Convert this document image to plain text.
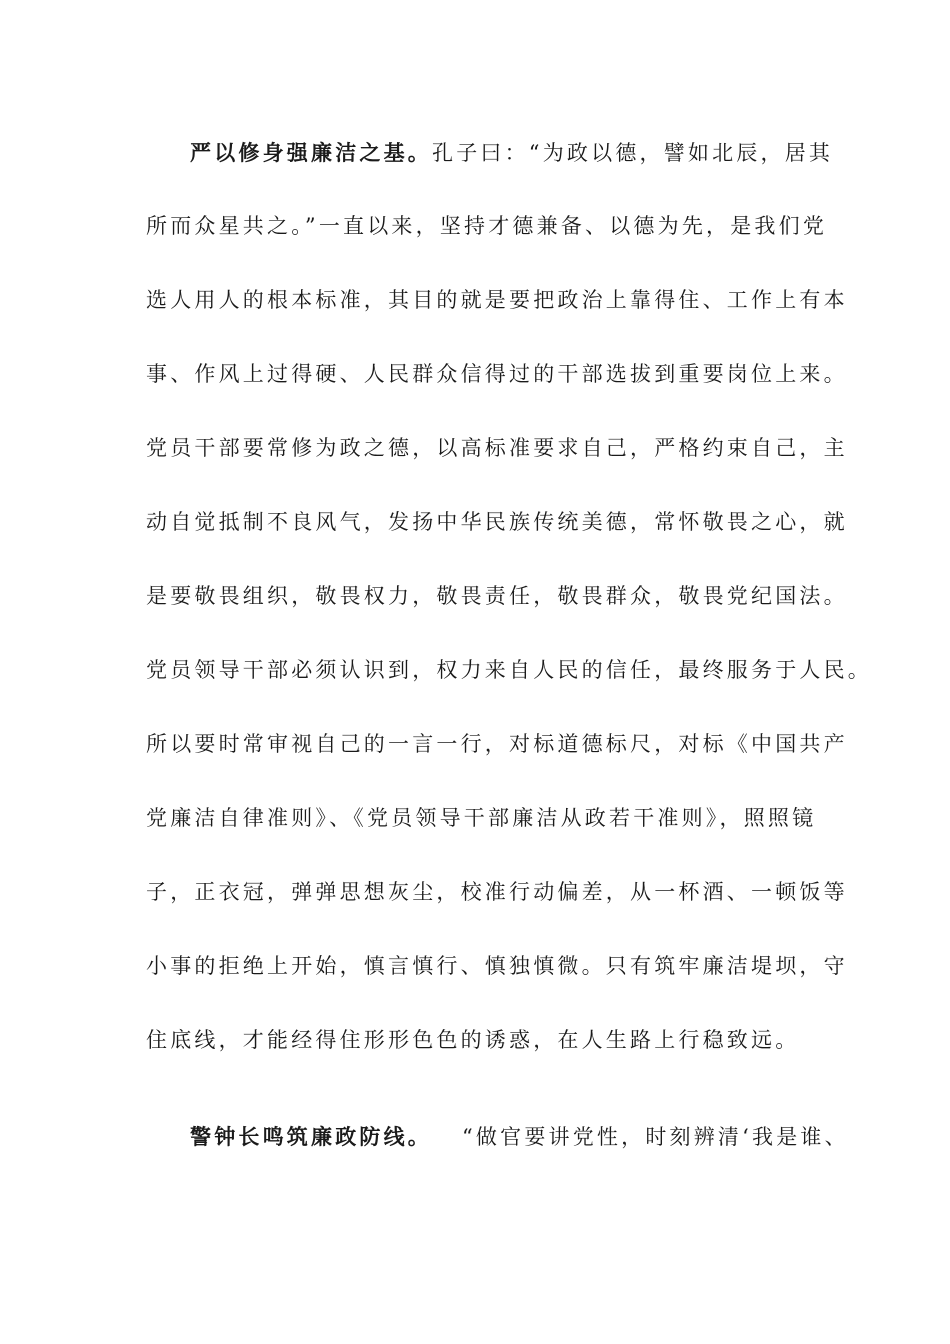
严以修身强廉洁之基。孔子曰：“为政以德，譬如北辰，居其
所而众星共之。”一直以来，坚持才德兼备、以德为先，是我们党
选人用人的根本标准，其目的就是要把政治上靠得住、工作上有本
事、作风上过得硬、人民群众信得过的干部选拔到重要岗位上来。
党员干部要常修为政之德，以高标准要求自己，严格约束自己，主
动自觉抵制不良风气，发扬中华民族传统美德，常怀敬畏之心，就
是要敬畏组织，敬畏权力，敬畏责任，敬畏群众，敬畏党纪国法。
党员领导干部必须认识到，权力来自人民的信任，最终服务于人民。
所以要时常审视自己的一言一行，对标道德标尺，对标《中国共产
党廉洁自律准则》、《党员领导干部廉洁从政若干准则》，照照镜
子，正衣冠，弹弹思想灰尘，校准行动偏差，从一杯酒、一顿饭等
小事的拒绝上开始，慎言慎行、慎独慎微。只有筑牢廉洁堤坝，守
住底线，才能经得住形形色色的诱惑，在人生路上行稳致远。
警钟长鸣筑廉政防线。 “做官要讲党性，时刻辨清‘我是谁、
